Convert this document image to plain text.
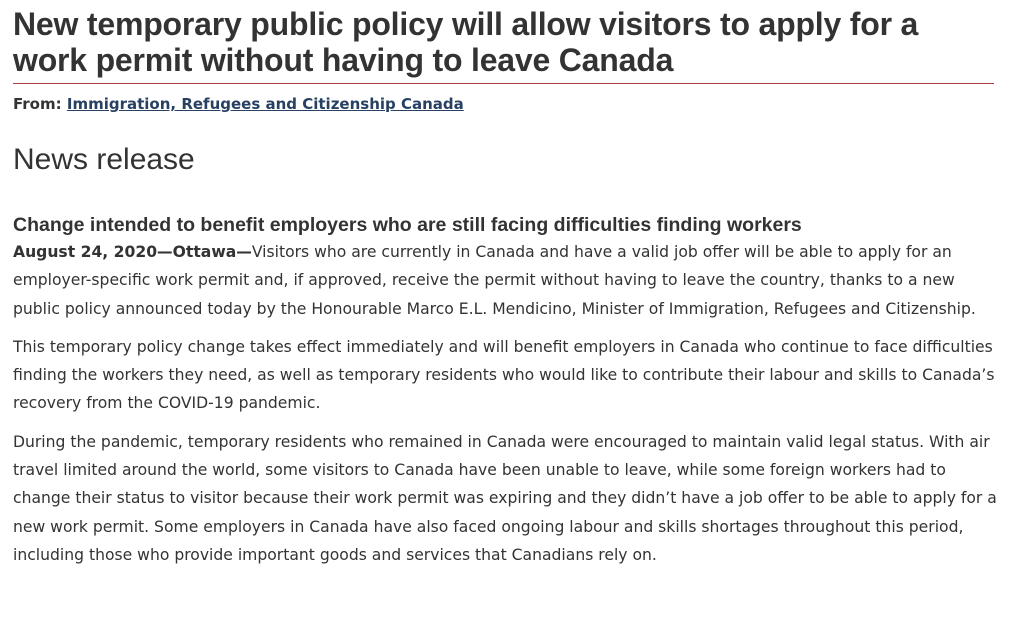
New temporary public policy will allow visitors to apply for a work permit without having to leave Canada
From: Immigration, Refugees and Citizenship Canada
News release
Change intended to benefit employers who are still facing difficulties finding workers

August 24, 2020—Ottawa—Visitors who are currently in Canada and have a valid job offer will be able to apply for an employer-specific work permit and, if approved, receive the permit without having to leave the country, thanks to a new public policy announced today by the Honourable Marco E.L. Mendicino, Minister of Immigration, Refugees and Citizenship.

This temporary policy change takes effect immediately and will benefit employers in Canada who continue to face difficulties finding the workers they need, as well as temporary residents who would like to contribute their labour and skills to Canada’s recovery from the COVID-19 pandemic.

During the pandemic, temporary residents who remained in Canada were encouraged to maintain valid legal status. With air travel limited around the world, some visitors to Canada have been unable to leave, while some foreign workers had to change their status to visitor because their work permit was expiring and they didn’t have a job offer to be able to apply for a new work permit. Some employers in Canada have also faced ongoing labour and skills shortages throughout this period, including those who provide important goods and services that Canadians rely on.
